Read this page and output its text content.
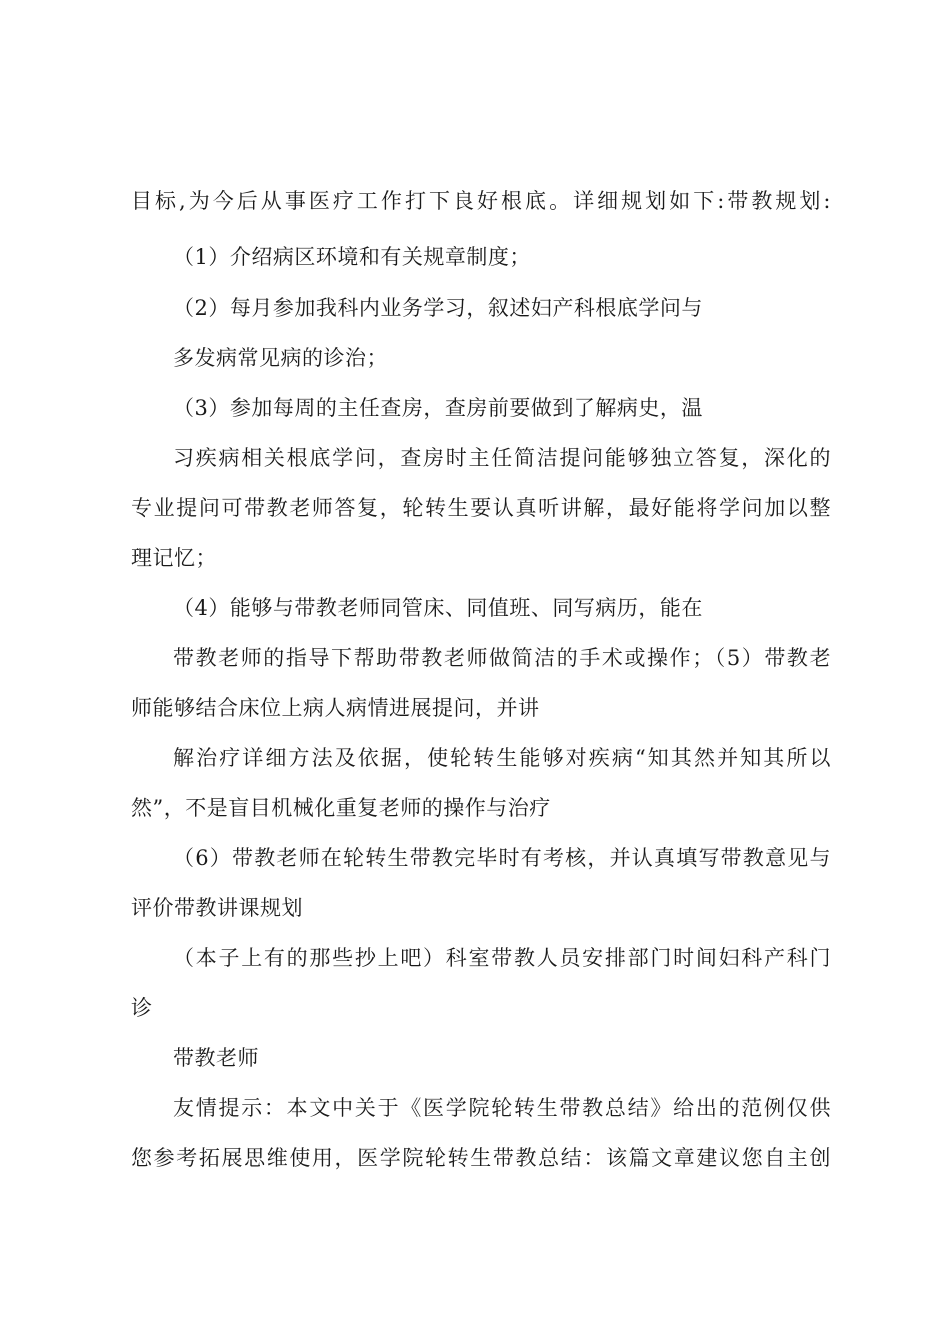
目标,为今后从事医疗工作打下良好根底。详细规划如下:带教规划:
（1）介绍病区环境和有关规章制度；
（2）每月参加我科内业务学习，叙述妇产科根底学问与
多发病常见病的诊治；
（3）参加每周的主任查房，查房前要做到了解病史，温
习疾病相关根底学问，查房时主任简洁提问能够独立答复，深化的
专业提问可带教老师答复，轮转生要认真听讲解，最好能将学问加以整
理记忆；
（4）能够与带教老师同管床、同值班、同写病历，能在
带教老师的指导下帮助带教老师做简洁的手术或操作；（5）带教老
师能够结合床位上病人病情进展提问，并讲
解治疗详细方法及依据，使轮转生能够对疾病“知其然并知其所以
然”，不是盲目机械化重复老师的操作与治疗
（6）带教老师在轮转生带教完毕时有考核，并认真填写带教意见与
评价带教讲课规划
（本子上有的那些抄上吧）科室带教人员安排部门时间妇科产科门
诊
带教老师
友情提示：本文中关于《医学院轮转生带教总结》给出的范例仅供
您参考拓展思维使用，医学院轮转生带教总结：该篇文章建议您自主创
